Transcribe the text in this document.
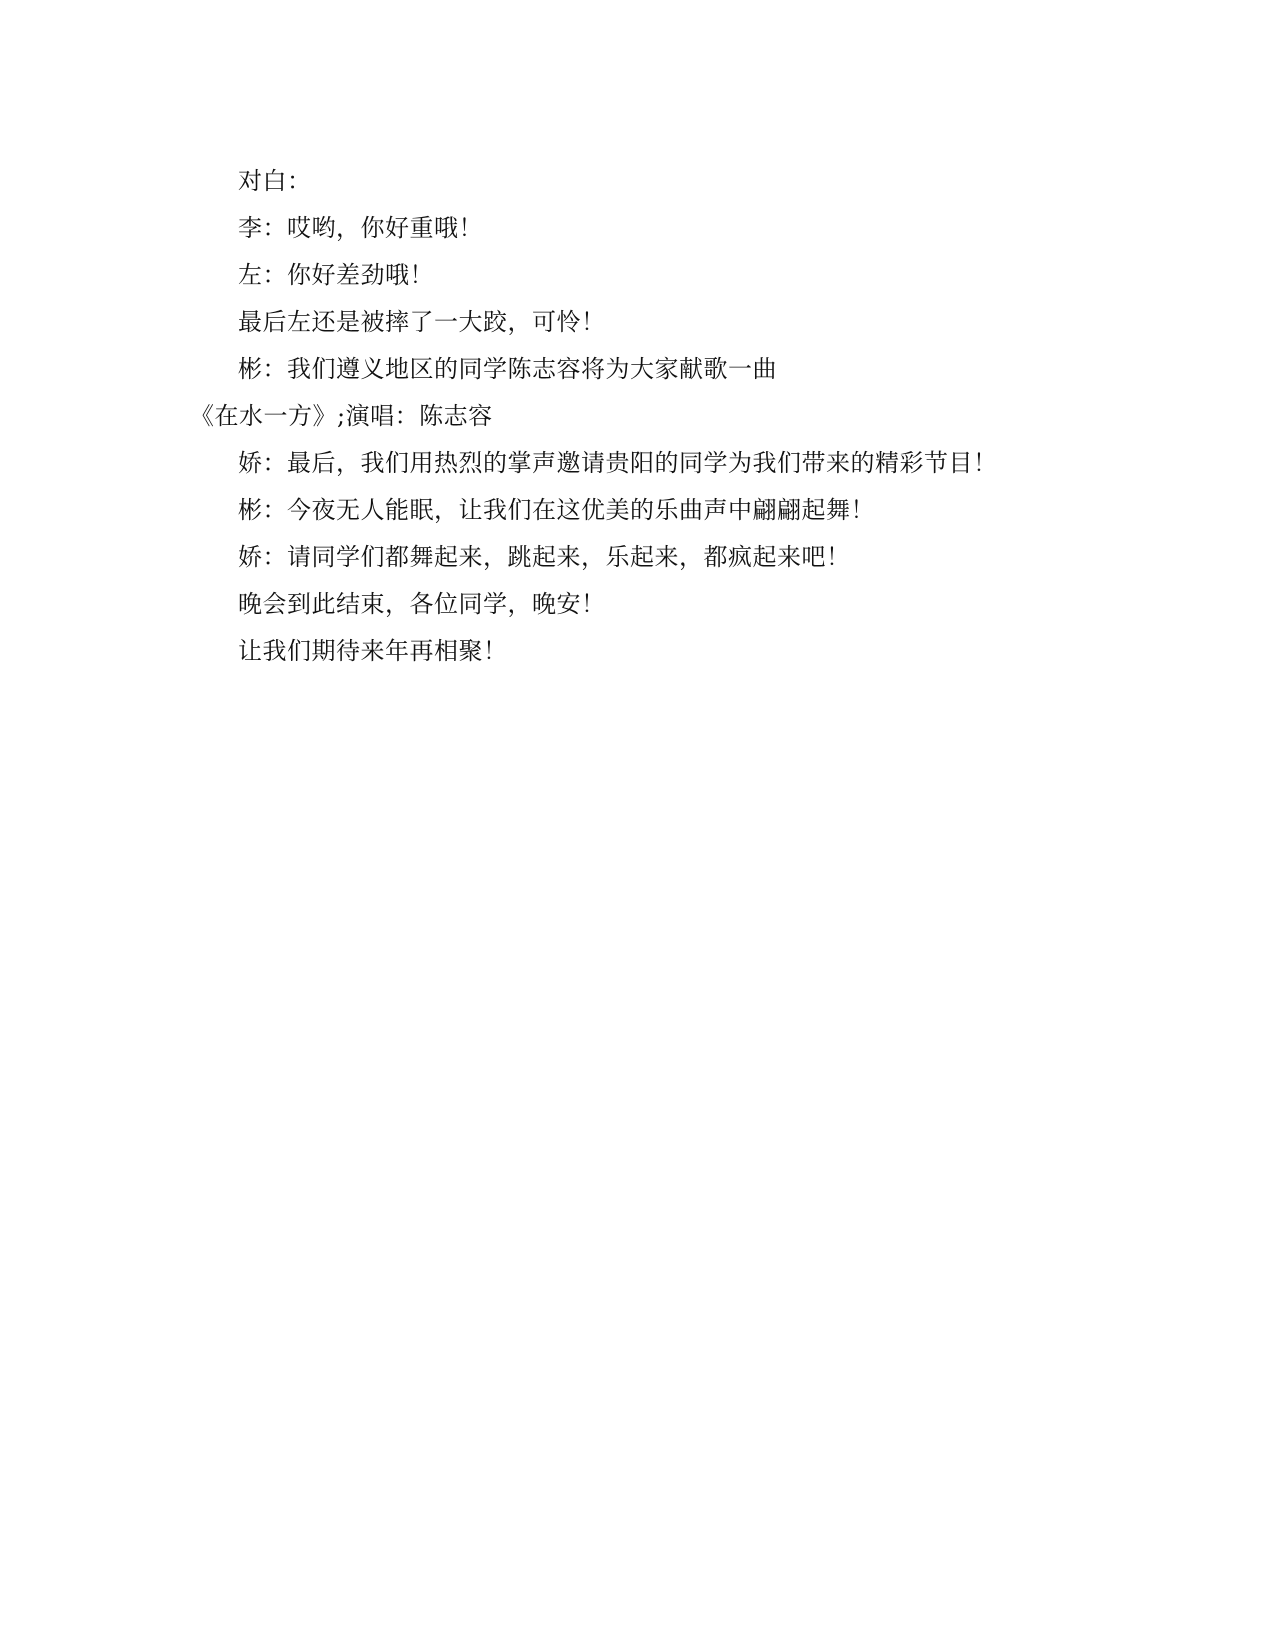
对白：
李：哎哟，你好重哦！
左：你好差劲哦！
最后左还是被摔了一大跤，可怜！
彬：我们遵义地区的同学陈志容将为大家献歌一曲
《在水一方》;演唱：陈志容
娇：最后，我们用热烈的掌声邀请贵阳的同学为我们带来的精彩节目！
彬：今夜无人能眠，让我们在这优美的乐曲声中翩翩起舞！
娇：请同学们都舞起来，跳起来，乐起来，都疯起来吧！
晚会到此结束，各位同学，晚安！
让我们期待来年再相聚！
